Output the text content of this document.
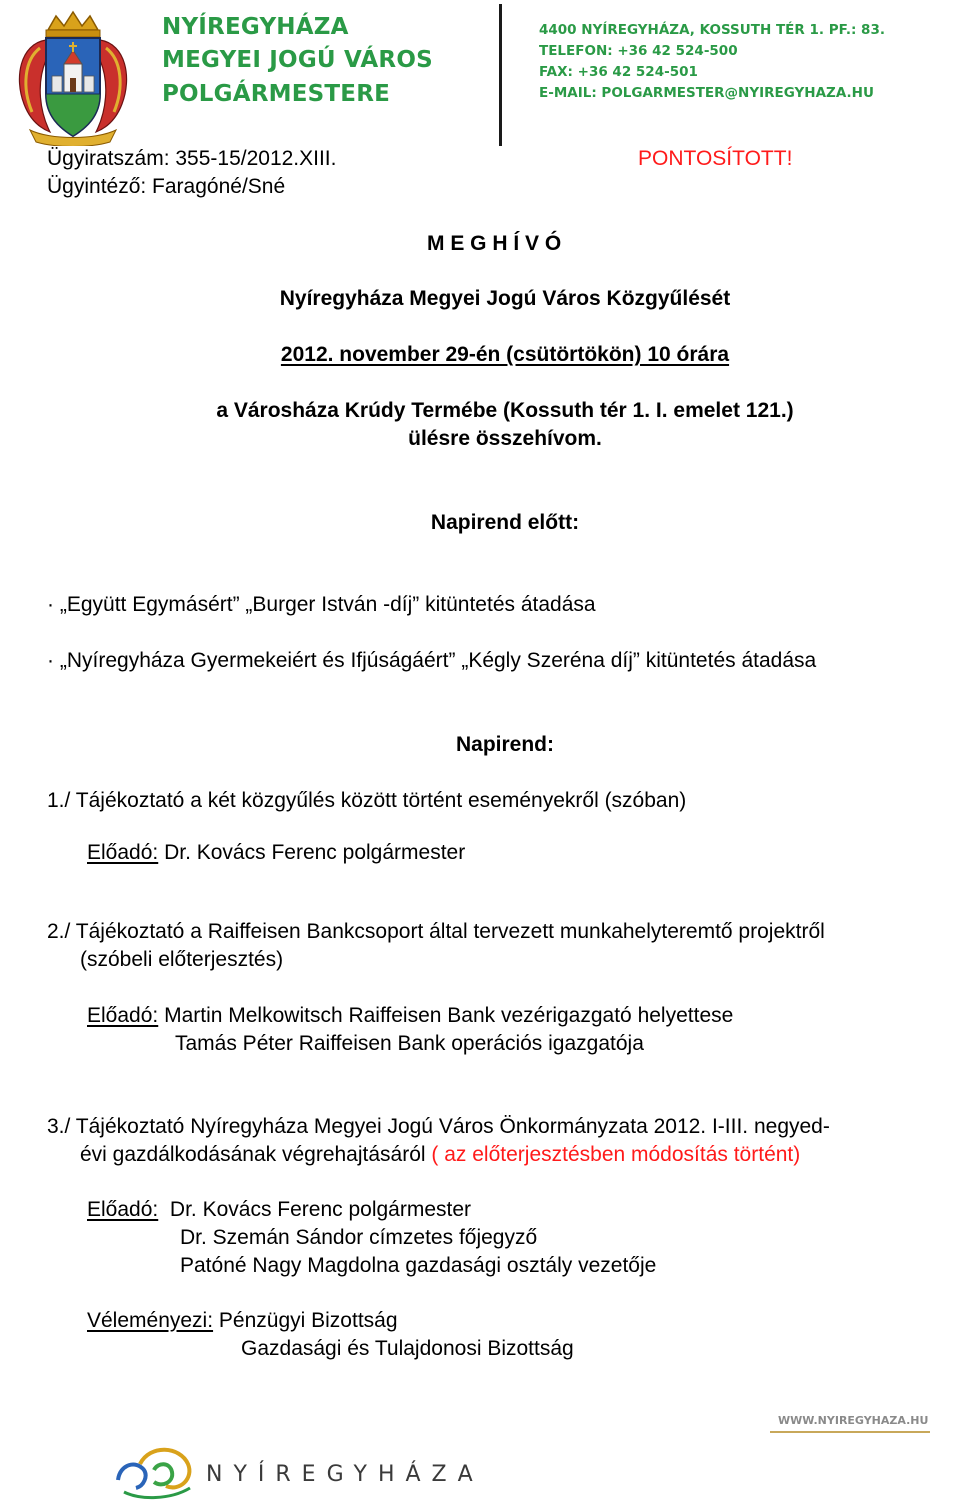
NYÍREGYHÁZA
MEGYEI JOGÚ VÁROS
POLGÁRMESTERE
4400 NYÍREGYHÁZA, KOSSUTH TÉR 1. PF.: 83.
TELEFON: +36 42 524-500
FAX: +36 42 524-501
E-MAIL: POLGARMESTER@NYIREGYHAZA.HU
Ügyiratszám: 355-15/2012.XIII.
Ügyintéző: Faragóné/Sné
PONTOSÍTOTT!
M E G H Í V Ó
Nyíregyháza Megyei Jogú Város Közgyűlését
2012. november 29-én (csütörtökön) 10 órára
a Városháza Krúdy Termébe (Kossuth tér 1. I. emelet 121.)
ülésre összehívom.
Napirend előtt:
· „Együtt Egymásért” „Burger István -díj” kitüntetés átadása
· „Nyíregyháza Gyermekeiért és Ifjúságáért” „Kégly Szeréna díj” kitüntetés átadása
Napirend:
1./ Tájékoztató a két közgyűlés között történt eseményekről (szóban)
Előadó: Dr. Kovács Ferenc polgármester
2./ Tájékoztató a Raiffeisen Bankcsoport által tervezett munkahelyteremtő projektről
(szóbeli előterjesztés)
Előadó: Martin Melkowitsch Raiffeisen Bank vezérigazgató helyettese
Tamás Péter Raiffeisen Bank operációs igazgatója
3./ Tájékoztató Nyíregyháza Megyei Jogú Város Önkormányzata 2012. I-III. negyed-
évi gazdálkodásának végrehajtásáról ( az előterjesztésben módosítás történt)
Előadó: Dr. Kovács Ferenc polgármester
Dr. Szemán Sándor címzetes főjegyző
Patóné Nagy Magdolna gazdasági osztály vezetője
Véleményezi: Pénzügyi Bizottság
Gazdasági és Tulajdonosi Bizottság
WWW.NYIREGYHAZA.HU
NYÍREGYHÁZA
